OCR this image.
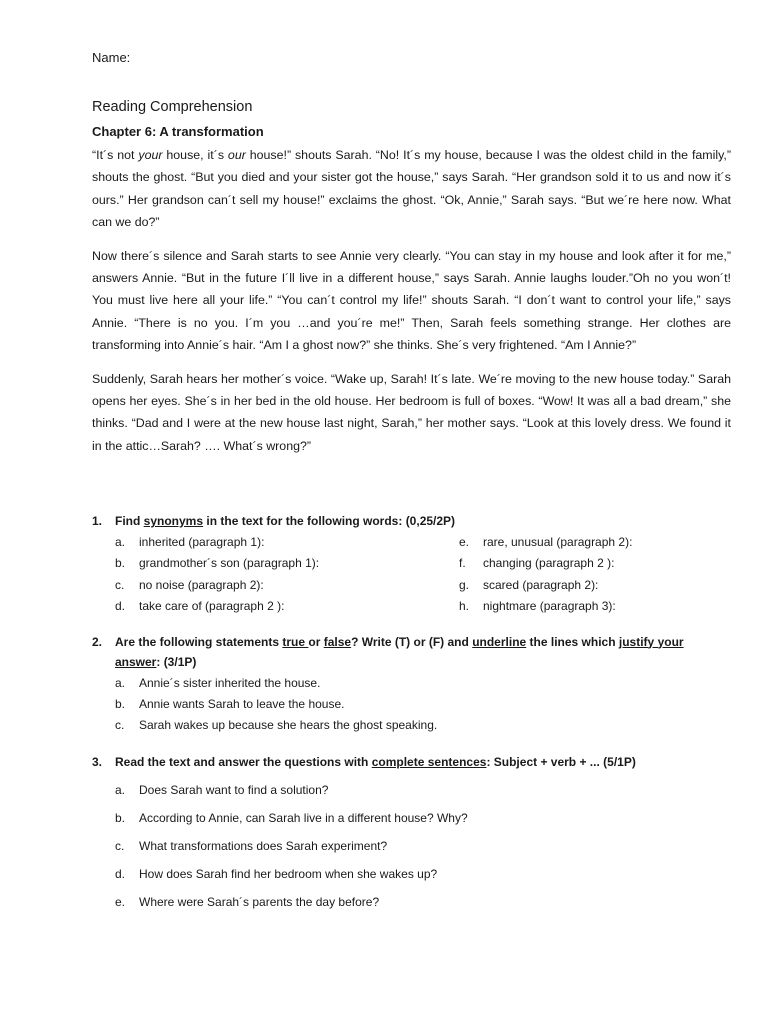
Name:
Reading Comprehension
Chapter 6: A transformation

“It´s not your house, it´s our house!” shouts Sarah. “No! It´s my house, because I was the oldest child in the family,” shouts the ghost. “But you died and your sister got the house,” says Sarah. “Her grandson sold it to us and now it´s ours.” Her grandson can´t sell my house!” exclaims the ghost. “Ok, Annie,” Sarah says. “But we´re here now. What can we do?”

Now there´s silence and Sarah starts to see Annie very clearly. “You can stay in my house and look after it for me,” answers Annie. “But in the future I´ll live in a different house,” says Sarah. Annie laughs louder.”Oh no you won´t! You must live here all your life.” “You can´t control my life!” shouts Sarah. “I don´t want to control your life,” says Annie. “There is no you. I´m you …and you´re me!” Then, Sarah feels something strange. Her clothes are transforming into Annie´s hair. “Am I a ghost now?” she thinks. She´s very frightened. “Am I Annie?”

Suddenly, Sarah hears her mother´s voice. “Wake up, Sarah! It´s late. We´re moving to the new house today.” Sarah opens her eyes. She´s in her bed in the old house. Her bedroom is full of boxes. “Wow! It was all a bad dream,” she thinks. “Dad and I were at the new house last night, Sarah,” her mother says. “Look at this lovely dress. We found it in the attic…Sarah? …. What´s wrong?”

1.	Find synonyms in the text for the following words: (0,25/2P)
a.	inherited (paragraph 1):	e.	rare, unusual (paragraph 2):
b.	grandmother´s son (paragraph 1):	f.	changing (paragraph 2 ):
c.	no noise (paragraph 2):	g.	scared (paragraph 2):
d.	take care of (paragraph 2 ):	h.	nightmare (paragraph 3):
2.	Are the following statements true or false? Write (T) or (F) and underline the lines which justify your answer: (3/1P)
a.	Annie´s sister inherited the house.
b.	Annie wants Sarah to leave the house.
c.	Sarah wakes up because she hears the ghost speaking.
3.	Read the text and answer the questions with complete sentences: Subject + verb + ... (5/1P)
a.	Does Sarah want to find a solution?
b.	According to Annie, can Sarah live in a different house? Why?
c.	What transformations does Sarah experiment?
d.	How does Sarah find her bedroom when she wakes up?
e.	Where were Sarah´s parents the day before?
